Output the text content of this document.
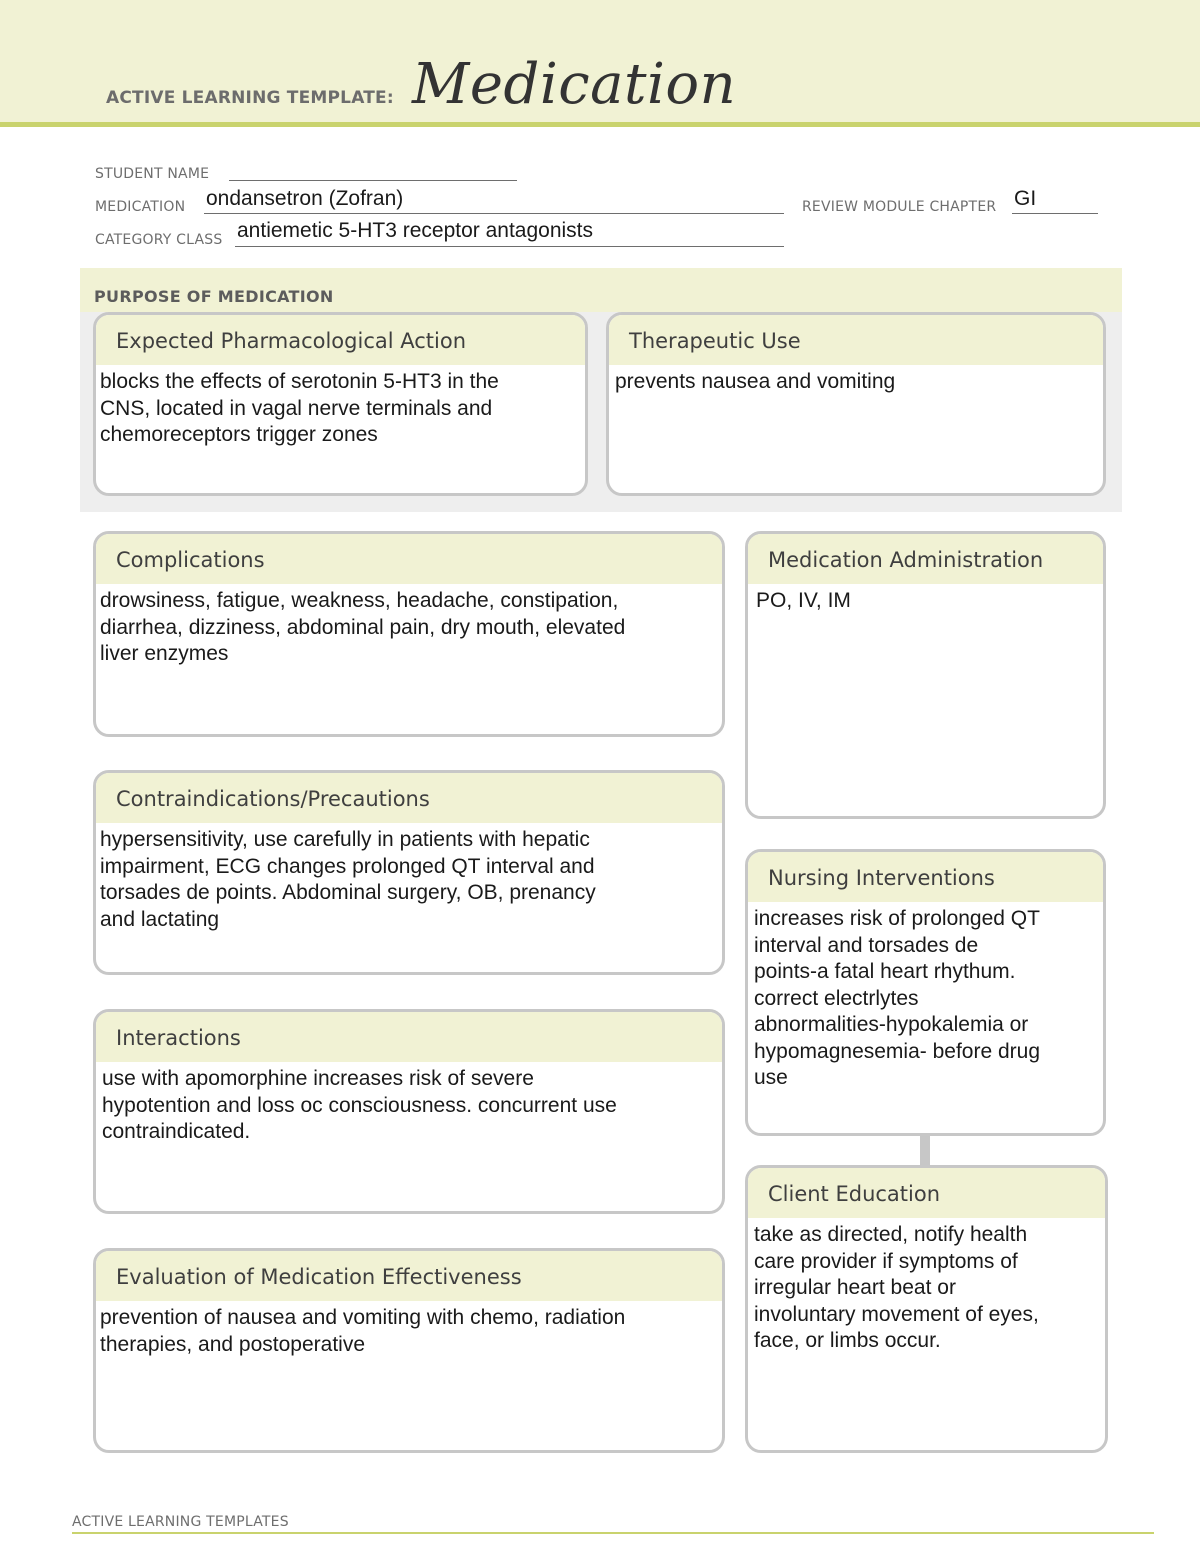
ACTIVE LEARNING TEMPLATE: Medication
STUDENT NAME
MEDICATION ondansetron (Zofran)	REVIEW MODULE CHAPTER GI
CATEGORY CLASS antiemetic 5-HT3 receptor antagonists
PURPOSE OF MEDICATION
Expected Pharmacological Action
blocks the effects of serotonin 5-HT3 in the
CNS, located in vagal nerve terminals and
chemoreceptors trigger zones
Therapeutic Use
prevents nausea and vomiting
Complications
drowsiness, fatigue, weakness, headache, constipation,
diarrhea, dizziness, abdominal pain, dry mouth, elevated
liver enzymes
Contraindications/Precautions
hypersensitivity, use carefully in patients with hepatic
impairment, ECG changes prolonged QT interval and
torsades de points. Abdominal surgery, OB, prenancy
and lactating
Interactions
use with apomorphine increases risk of severe
hypotention and loss oc consciousness. concurrent use
contraindicated.
Evaluation of Medication Effectiveness
prevention of nausea and vomiting with chemo, radiation
therapies, and postoperative
Medication Administration
PO, IV, IM
Nursing Interventions
increases risk of prolonged QT
interval and torsades de
points-a fatal heart rhythum.
correct electrlytes
abnormalities-hypokalemia or
hypomagnesemia- before drug
use
Client Education
take as directed, notify health
care provider if symptoms of
irregular heart beat or
involuntary movement of eyes,
face, or limbs occur.
ACTIVE LEARNING TEMPLATES
